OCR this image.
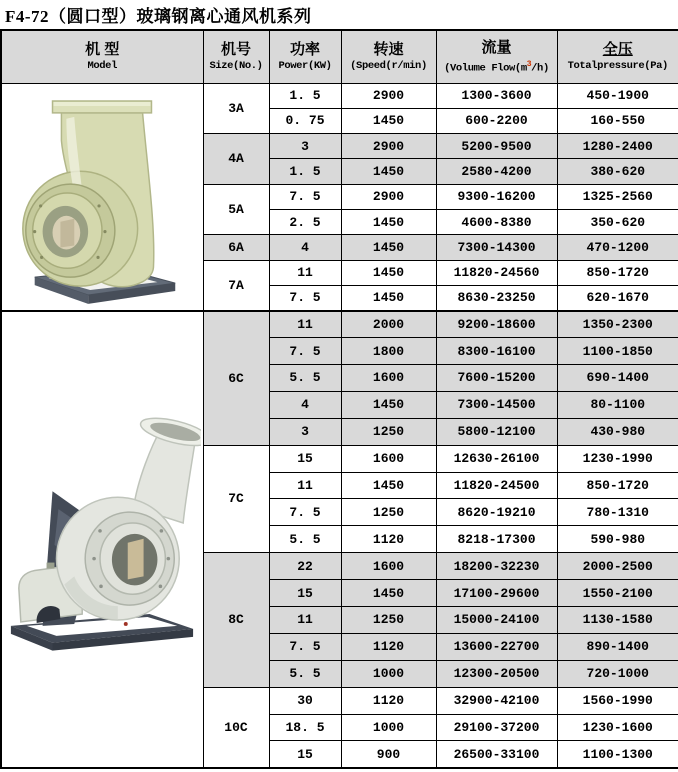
F4-72（圆口型）玻璃钢离心通风机系列
机 型
Model

机号
Size(No.)

功率
Power(KW)

转速
(Speed(r/min)

流量
(Volume $Flow(m^3/h)$

全压
Totalpressure(Pa)

	3A	1. 5	2900	1300-3600	450-1900
		0. 75	1450	600-2200	160-550
	4A	3	2900	5200-9500	1280-2400
		1. 5	1450	2580-4200	380-620
	5A	7. 5	2900	9300-16200	1325-2560
		2. 5	1450	4600-8380	350-620
	6A	4	1450	7300-14300	470-1200
	7A	11	1450	11820-24560	850-1720
		7. 5	1450	8630-23250	620-1670

	6C	11	2000	9200-18600	1350-2300
		7. 5	1800	8300-16100	1100-1850
		5. 5	1600	7600-15200	690-1400
		4	1450	7300-14500	80-1100
		3	1250	5800-12100	430-980
	7C	15	1600	12630-26100	1230-1990
		11	1450	11820-24500	850-1720
		7. 5	1250	8620-19210	780-1310
		5. 5	1120	8218-17300	590-980
	8C	22	1600	18200-32230	2000-2500
		15	1450	17100-29600	1550-2100
		11	1250	15000-24100	1130-1580
		7. 5	1120	13600-22700	890-1400
		5. 5	1000	12300-20500	720-1000
	10C	30	1120	32900-42100	1560-1990
		18. 5	1000	29100-37200	1230-1600
		15	900	26500-33100	1100-1300
